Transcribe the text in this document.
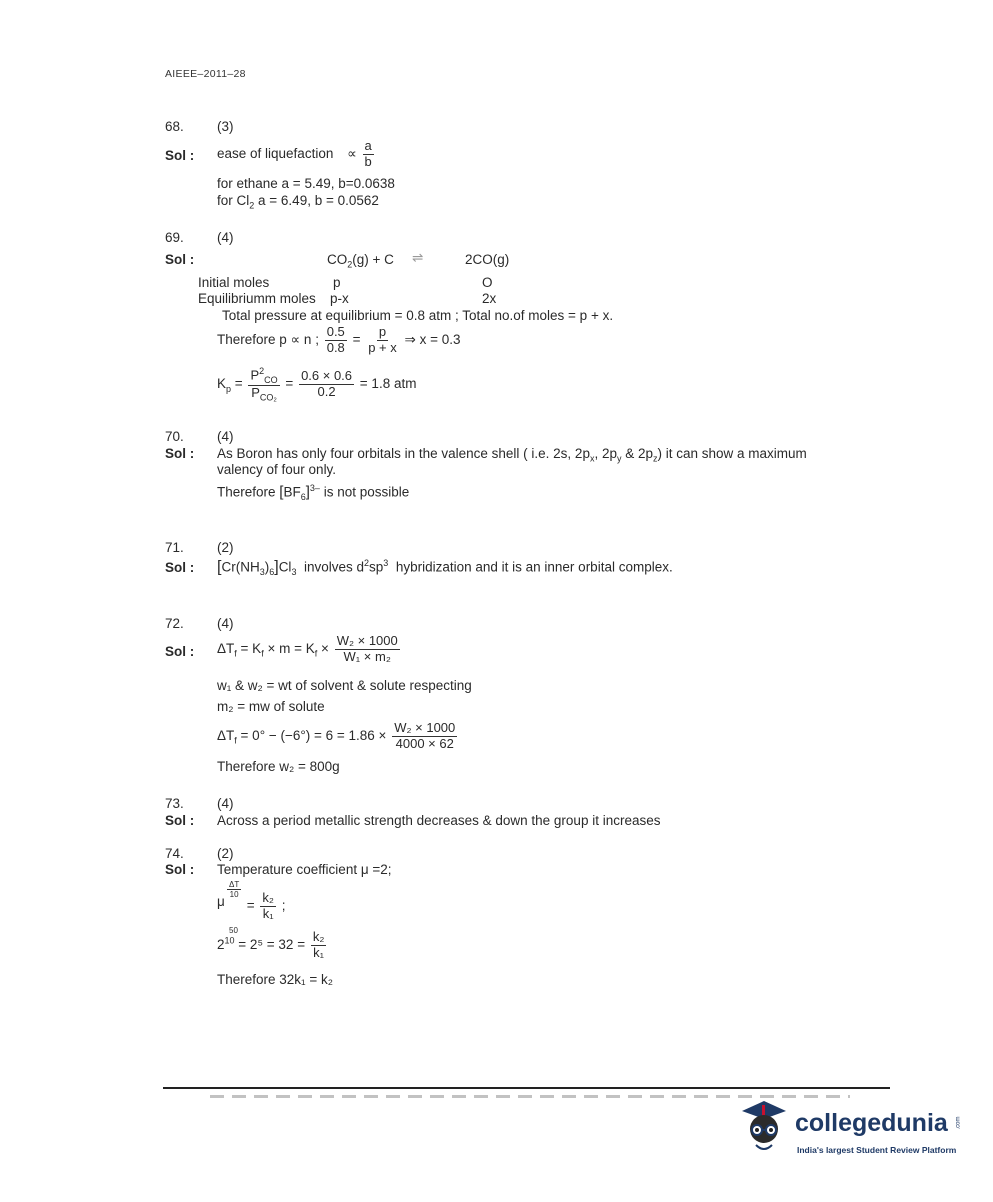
AIEEE–2011–28
68. (3)
Sol : ease of liquefaction ∝ $\frac{a}{b}$
for ethane a = 5.49, b=0.0638
for $Cl_2$ a = 6.49, b = 0.0562
69. (4)
Sol :	$CO_2(g) + C$ ⇌	2CO(g)
Initial moles	p	O
Equilibriumm moles p-x	2x
Total pressure at equilibrium = 0.8 atm ; Total no.of moles = p + x.
Therefore p ∝ n ; $\frac{0.5}{0.8} = \frac{p}{p + x}$ ⇒ x = 0.3
$K_p = \frac{P^2_{CO}}{P_{CO_2}} = \frac{0.6 \times 0.6}{0.2} = 1.8$ atm
70. (4)
Sol : As Boron has only four orbitals in the valence shell ( i.e. 2s, $2p_x$, $2p_y$ & $2p_z$) it can show a maximum
valency of four only.
Therefore $[BF_6]^{3-}$ is not possible
71. (2)
Sol : $[Cr(NH_3)_6]Cl_3$ involves $d^2sp^3$ hybridization and it is an inner orbital complex.
72. (4)
Sol : $\Delta T_f = K_f \times m = K_f \times \frac{\text{W₂ × 1000}}{\text{W₁ × m₂}}$
w₁ & w₂ = wt of solvent & solute respecting
m₂ = mw of solute
$\Delta T_f = 0^\circ - (-6^\circ) = 6 = 1.86 \times \frac{\text{W₂ × 1000}}{4000 \times 62}$
Therefore w₂ = 800g
73. (4)
Sol : Across a period metallic strength decreases & down the group it increases
74. (2)
Sol : Temperature coefficient μ =2;
μ
$\frac{\Delta T}{10}$
= $\frac{\text{k₂}}{\text{k₁}}$ ;
50
$2^{10} = 2^5 = 32 = \frac{\text{k₂}}{\text{k₁}}$
Therefore 32k₁ = k₂
collegedunia .com
India's largest Student Review Platform
